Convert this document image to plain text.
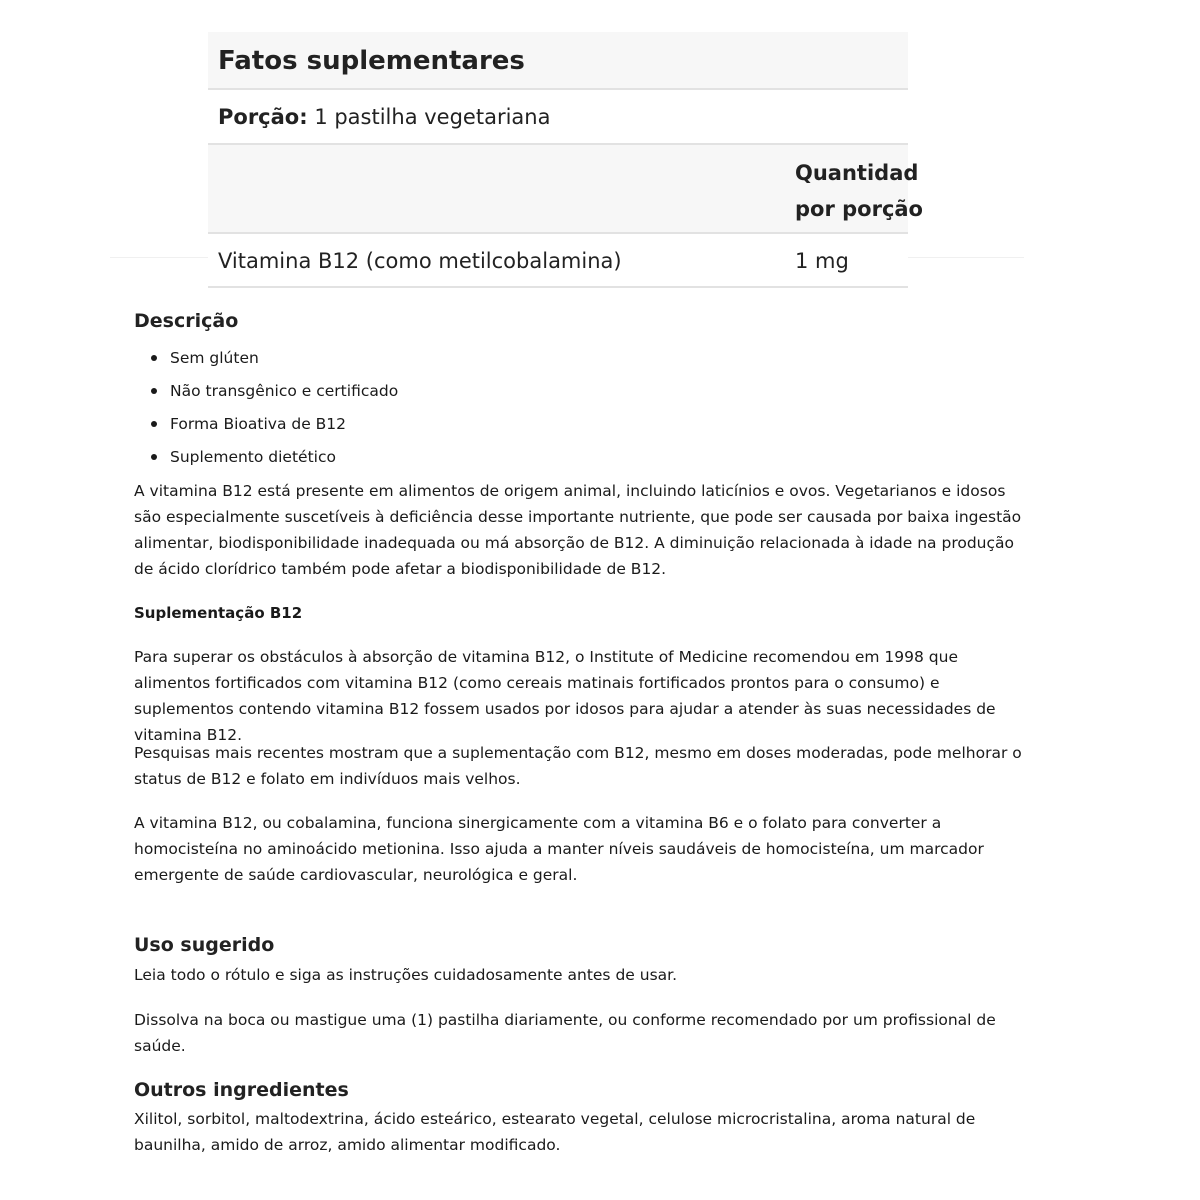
Fatos suplementares
Porção: 1 pastilha vegetariana
Quantidad
por porção
Vitamina B12 (como metilcobalamina)	1 mg
Descrição
Sem glúten
Não transgênico e certificado
Forma Bioativa de B12
Suplemento dietético

A vitamina B12 está presente em alimentos de origem animal, incluindo laticínios e ovos. Vegetarianos e idosos são especialmente suscetíveis à deficiência desse importante nutriente, que pode ser causada por baixa ingestão alimentar, biodisponibilidade inadequada ou má absorção de B12. A diminuição relacionada à idade na produção de ácido clorídrico também pode afetar a biodisponibilidade de B12.

Suplementação B12

Para superar os obstáculos à absorção de vitamina B12, o Institute of Medicine recomendou em 1998 que alimentos fortificados com vitamina B12 (como cereais matinais fortificados prontos para o consumo) e suplementos contendo vitamina B12 fossem usados por idosos para ajudar a atender às suas necessidades de vitamina B12.

Pesquisas mais recentes mostram que a suplementação com B12, mesmo em doses moderadas, pode melhorar o status de B12 e folato em indivíduos mais velhos.

A vitamina B12, ou cobalamina, funciona sinergicamente com a vitamina B6 e o folato para converter a homocisteína no aminoácido metionina. Isso ajuda a manter níveis saudáveis de homocisteína, um marcador emergente de saúde cardiovascular, neurológica e geral.

Uso sugerido

Leia todo o rótulo e siga as instruções cuidadosamente antes de usar.

Dissolva na boca ou mastigue uma (1) pastilha diariamente, ou conforme recomendado por um profissional de saúde.

Outros ingredientes

Xilitol, sorbitol, maltodextrina, ácido esteárico, estearato vegetal, celulose microcristalina, aroma natural de baunilha, amido de arroz, amido alimentar modificado.
